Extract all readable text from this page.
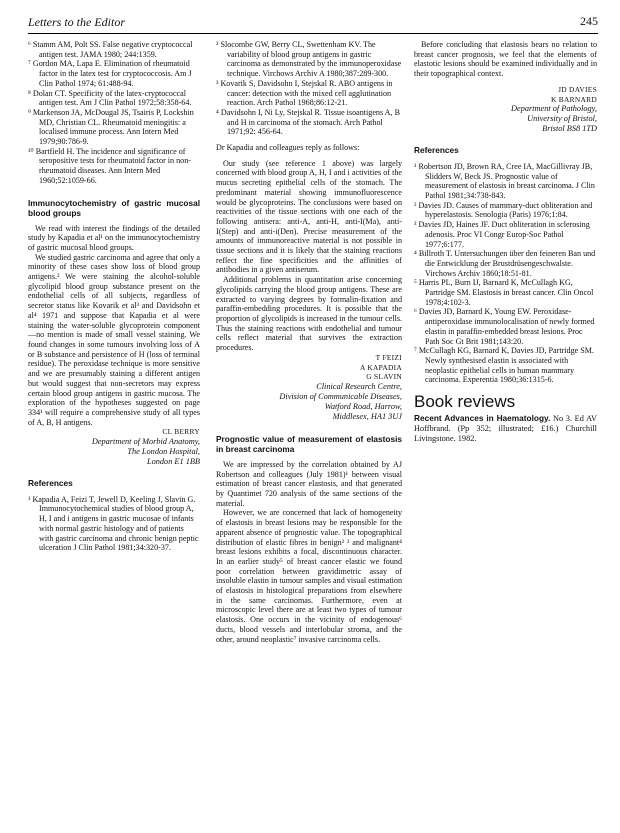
Letters to the Editor	245

⁶ Stamm AM, Polt SS. False negative cryptococcal antigen test. JAMA 1980; 244:1359.

⁷ Gordon MA, Lapa E. Elimination of rheumatoid factor in the latex test for cryptococcosis. Am J Clin Pathol 1974; 61:488-94.

⁸ Dolan CT. Specificity of the latex-cryptococcal antigen test. Am J Clin Pathol 1972;58:358-64.

⁹ Markenson JA, McDougal JS, Tsairis P, Lockshin MD, Christian CL. Rheumatoid meningitis: a localised immune process. Ann Intern Med 1979;90:786-9.

¹⁰ Bartfield H. The incidence and significance of seropositive tests for rheumatoid factor in non-rheumatoid diseases. Ann Intern Med 1960;52:1059-66.

Immunocytochemistry of gastric mucosal blood groups

We read with interest the findings of the detailed study by Kapadia et al¹ on the immunocytochemistry of gastric mucosal blood groups.

We studied gastric carcinoma and agree that only a minority of these cases show loss of blood group antigens.² We were staining the alcohol-soluble glycolipid blood group substance present on the endothelial cells of all subjects, regardless of secretor status like Kovarik et al³ and Davidsohn et al⁴ 1971 and suppose that Kapadia et al were staining the water-soluble glycoprotein component—no mention is made of small vessel staining. We found changes in some tumours involving loss of A or B substance and persistence of H (loss of terminal residue). The peroxidase technique is more sensitive and we are presumably staining a different antigen but would suggest that non-secretors may express certain blood group antigens in gastric mucosa. The exploration of the hypotheses suggested on page 334¹ will require a comprehensive study of all types of A, B, H antigens.

CL BERRY

Department of Morbid Anatomy,

The London Hospital,

London E1 1BB

References

¹ Kapadia A, Feizi T, Jewell D, Keeling J, Slavin G. Immunocytochemical studies of blood group A, H, I and i antigens in gastric mucosae of infants with normal gastric histology and of patients with gastric carcinoma and chronic benign peptic ulceration J Clin Pathol 1981;34:320-37.

² Slocombe GW, Berry CL, Swettenham KV. The variability of blood group antigens in gastric carcinoma as demonstrated by the immunoperoxidase technique. Virchows Archiv A 1980;387:289-300.

³ Kovarik S, Davidsohn I, Stejskal R. ABO antigens in cancer: detection with the mixed cell agglutination reaction. Arch Pathol 1968;86:12-21.

⁴ Davidsohn I, Ni Ly, Stejskal R. Tissue isoantigens A, B and H in carcinoma of the stomach. Arch Pathol 1971;92: 456-64.

Dr Kapadia and colleagues reply as follows:

Our study (see reference 1 above) was largely concerned with blood group A, H, I and i activities of the mucus secreting epithelial cells of the stomach. The predominant material showing immunofluorescence would be glycoproteins. The conclusions were based on reactivities of the tissue sections with one each of the following antisera: anti-A, anti-H, anti-I(Ma), anti-I(Step) and anti-i(Den). Precise measurement of the amounts of immunoreactive material is not possible in tissue sections and it is likely that the staining reactions reflect the fine specificities and the affinities of antibodies in a given antiserum.

Additional problems in quantitation arise concerning glycolipids carrying the blood group antigens. These are extracted to varying degrees by formalin-fixation and paraffin-embedding procedures. It is possible that the proportion of glycolipids is increased in the tumour cells. Thus the staining reactions with endothelial and tumour cells reflect material that survives the extraction procedures.

T FEIZI

A KAPADIA

G SLAVIN

Clinical Research Centre,

Division of Communicable Diseases,

Watford Road, Harrow,

Middlesex, HA1 3UJ

Prognostic value of measurement of elastosis in breast carcinoma

We are impressed by the correlation obtained by AJ Robertson and colleagues (July 1981)¹ between visual estimation of breast cancer elastosis, and that generated by Quantimet 720 analysis of the same sections of the material.

However, we are concerned that lack of homogeneity of elastosis in breast lesions may be responsible for the apparent absence of prognostic value. The topographical distribution of elastic fibres in benign² ³ and malignant⁴ breast lesions exhibits a focal, discontinuous character. In an earlier study⁵ of breast cancer elastic we found poor correlation between gravidimetric assay of insoluble elastin in tumour samples and visual estimation of elastosis in histological preparations from elsewhere in the same carcinomas. Furthermore, even at microscopic level there are at least two types of tumour elastosis. One occurs in the vicinity of endogenous⁶ ducts, blood vessels and interlobular stroma, and the other, around neoplastic⁷ invasive carcinoma cells.

Before concluding that elastosis bears no relation to breast cancer prognosis, we feel that the elements of elastotic lesions should be examined individually and in their topographical context.

JD DAVIES

K BARNARD

Department of Pathology,

University of Bristol,

Bristol BS8 1TD

References

¹ Robertson JD, Brown RA, Cree IA, MacGillivray JB, Slidders W, Beck JS. Prognostic value of measurement of elastosis in breast carcinoma. J Clin Pathol 1981;34:738-843.

² Davies JD. Causes of mammary-duct obliteration and hyperelastosis. Senologia (Paris) 1976;1:84.

³ Davies JD, Haines JF. Duct obliteration in sclerosing adenosis. Proc VI Congr Europ-Soc Pathol 1977;6:177.

⁴ Billroth T. Untersuchungen über den feineren Ban und die Entwicklung der Brustdrüsengeschwalste. Virchows Archiv 1860;18:51-81.

⁵ Harris PL, Burn IJ, Barnard K, McCullagh KG, Partridge SM. Elastosis in breast cancer. Clin Oncol 1978;4:102-3.

⁶ Davies JD, Barnard K, Young EW. Peroxidase-antiperoxidase immunolocalisation of newly formed elastin in paraffin-embedded breast lesions. Proc Path Soc Gt Brit 1981;143:20.

⁷ McCullagh KG, Barnard K, Davies JD, Partridge SM. Newly synthesised elastin is associated with neoplastic epithelial cells in human mammary carcinoma. Experentia 1980;36:1315-6.

Book reviews

Recent Advances in Haematology. No 3. Ed AV Hoffbrand. (Pp 352; illustrated; £16.) Churchill Livingstone. 1982.
